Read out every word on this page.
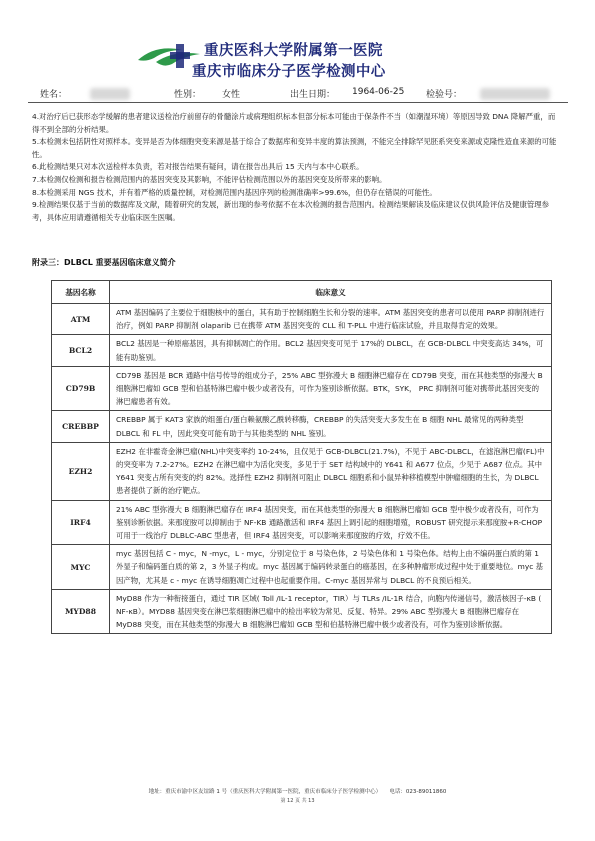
重庆医科大学附属第一医院
重庆市临床分子医学检测中心
姓名：	性别： 女性	出生日期： 1964-06-25 检验号：

4.对治疗后已获形态学缓解的患者建议送检治疗前留存的骨髓涂片或病理组织标本但部分标本可能由于保条件不当（如潮湿环境）等原因导致 DNA 降解严重，而得不到全部的分析结果。

5.本检测未包括阴性对照样本。变异是否为体细胞突变来源是基于综合了数据库和变异丰度的算法预测，不能完全排除罕见胚系突变来源或克隆性造血来源的可能性。

6.此检测结果只对本次送检样本负责，若对报告结果有疑问，请在报告出具后 15 天内与本中心联系。

7.本检测仅检测和报告检测范围内的基因突变及其影响，不能评估检测范围以外的基因突变及所带来的影响。

8.本检测采用 NGS 技术，并有着严格的质量控制，对检测范围内基因序列的检测准确率>99.6%，但仍存在错误的可能性。

9.检测结果仅基于当前的数据库及文献，随着研究的发展，新出现的参考依据不在本次检测的报告范围内。检测结果解读及临床建议仅供风险评估及健康管理参考，具体应用请遵循相关专业临床医生医嘱。

附录三：DLBCL 重要基因临床意义简介
基因名称	临床意义
ATM	ATM 基因编码了主要位于细胞核中的蛋白，其有助于控制细胞生长和分裂的速率。ATM 基因突变的患者可以使用 PARP 抑制剂进行治疗，例如 PARP 抑制剂 olaparib 已在携带 ATM 基因突变的 CLL 和 T-PLL 中进行临床试验，并且取得肯定的效果。
BCL2	BCL2 基因是一种原癌基因，具有抑制凋亡的作用。BCL2 基因突变可见于 17%的 DLBCL，在 GCB-DLBCL 中突变高达 34%，可能有助鉴别。
CD79B	CD79B 基因是 BCR 通路中信号传导的组成分子，25% ABC 型弥漫大 B 细胞淋巴瘤存在 CD79B 突变，而在其他类型的弥漫大 B 细胞淋巴瘤如 GCB 型和伯基特淋巴瘤中极少或者没有，可作为鉴别诊断依据。BTK，SYK， PRC 抑制剂可能对携带此基因突变的淋巴瘤患者有效。
CREBBP	CREBBP 属于 KAT3 家族的组蛋白/蛋白赖氨酸乙酰转移酶，CREBBP 的失活突变大多发生在 B 细胞 NHL 最常见的两种类型 DLBCL 和 FL 中，因此突变可能有助于与其他类型的 NHL 鉴别。
EZH2	EZH2 在非霍奇金淋巴瘤(NHL)中突变率约 10-24%，且仅见于 GCB-DLBCL(21.7%)，不见于 ABC-DLBCL，在滤泡淋巴瘤(FL)中的突变率为 7.2-27%。EZH2 在淋巴瘤中为活化突变，多见于于 SET 结构域中的 Y641 和 A677 位点，少见于 A687 位点。其中 Y641 突变占所有突变的约 82%。选择性 EZH2 抑制剂可阻止 DLBCL 细胞系和小鼠异种移植模型中肿瘤细胞的生长，为 DLBCL 患者提供了新的治疗靶点。
IRF4	21% ABC 型弥漫大 B 细胞淋巴瘤存在 IRF4 基因突变，而在其他类型的弥漫大 B 细胞淋巴瘤如 GCB 型中极少或者没有，可作为鉴别诊断依据。来那度胺可以抑制由于 NF-KB 通路激活和 IRF4 基因上调引起的细胞增殖，ROBUST 研究提示来那度胺+R-CHOP 可用于一线治疗 DLBLC-ABC 型患者，但 IRF4 基因突变，可以影响来那度胺的疗效，疗效不佳。
MYC	myc 基因包括 C - myc，N -myc，L - myc，分别定位于 8 号染色体，2 号染色体和 1 号染色体。结构上由不编码蛋白质的第 1 外显子和编码蛋白质的第 2，3 外显子构成。myc 基因属于编码转录蛋白的癌基因，在多种肿瘤形成过程中处于重要地位。myc 基因产物，尤其是 c - myc 在诱导细胞凋亡过程中也起重要作用。C-myc 基因异常与 DLBCL 的不良预后相关。
MYD88	MyD88 作为一种衔接蛋白，通过 TIR 区域( Toll /IL-1 receptor，TIR）与 TLRs /IL-1R 结合，向胞内传递信号，激活核因子-κB ( NF-κB）。MYD88 基因突变在淋巴浆细胞淋巴瘤中的检出率较为常见、反复、特异。29% ABC 型弥漫大 B 细胞淋巴瘤存在 MyD88 突变，而在其他类型的弥漫大 B 细胞淋巴瘤如 GCB 型和伯基特淋巴瘤中极少或者没有，可作为鉴别诊断依据。
地址：重庆市渝中区友谊路 1 号（重庆医科大学附属第一医院，重庆市临床分子医学检测中心）　　电话：023-89011860
第 12 页 共 13
